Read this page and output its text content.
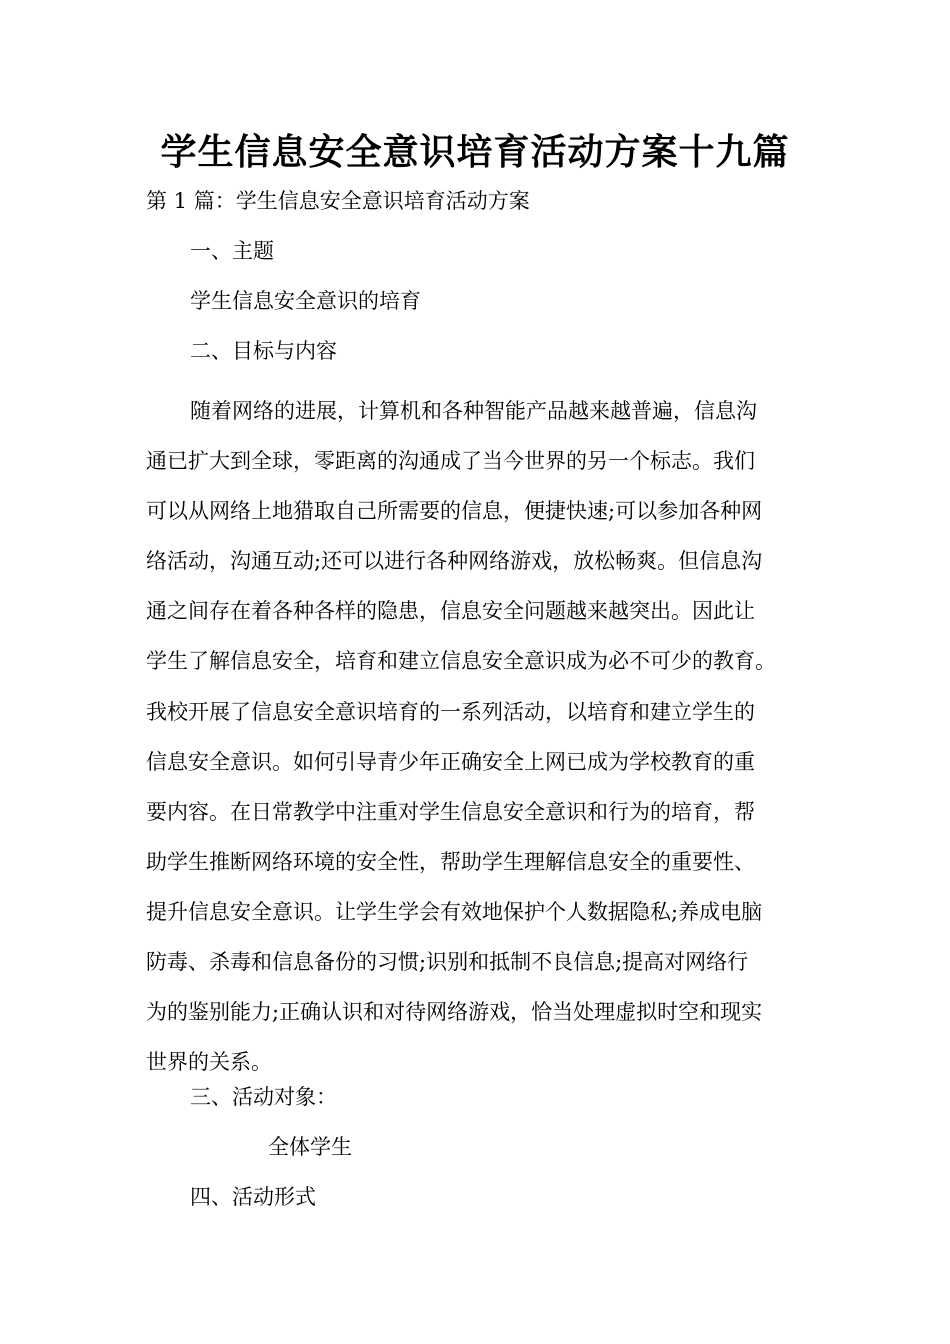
学生信息安全意识培育活动方案十九篇

第 1 篇：学生信息安全意识培育活动方案

一、主题

学生信息安全意识的培育

二、目标与内容

随着网络的进展，计算机和各种智能产品越来越普遍，信息沟
通已扩大到全球，零距离的沟通成了当今世界的另一个标志。我们
可以从网络上地猎取自己所需要的信息，便捷快速;可以参加各种网
络活动，沟通互动;还可以进行各种网络游戏，放松畅爽。但信息沟
通之间存在着各种各样的隐患，信息安全问题越来越突出。因此让
学生了解信息安全，培育和建立信息安全意识成为必不可少的教育。
我校开展了信息安全意识培育的一系列活动，以培育和建立学生的
信息安全意识。如何引导青少年正确安全上网已成为学校教育的重
要内容。在日常教学中注重对学生信息安全意识和行为的培育，帮
助学生推断网络环境的安全性，帮助学生理解信息安全的重要性、
提升信息安全意识。让学生学会有效地保护个人数据隐私;养成电脑
防毒、杀毒和信息备份的习惯;识别和抵制不良信息;提高对网络行
为的鉴别能力;正确认识和对待网络游戏，恰当处理虚拟时空和现实
世界的关系。

三、活动对象：

全体学生

四、活动形式
